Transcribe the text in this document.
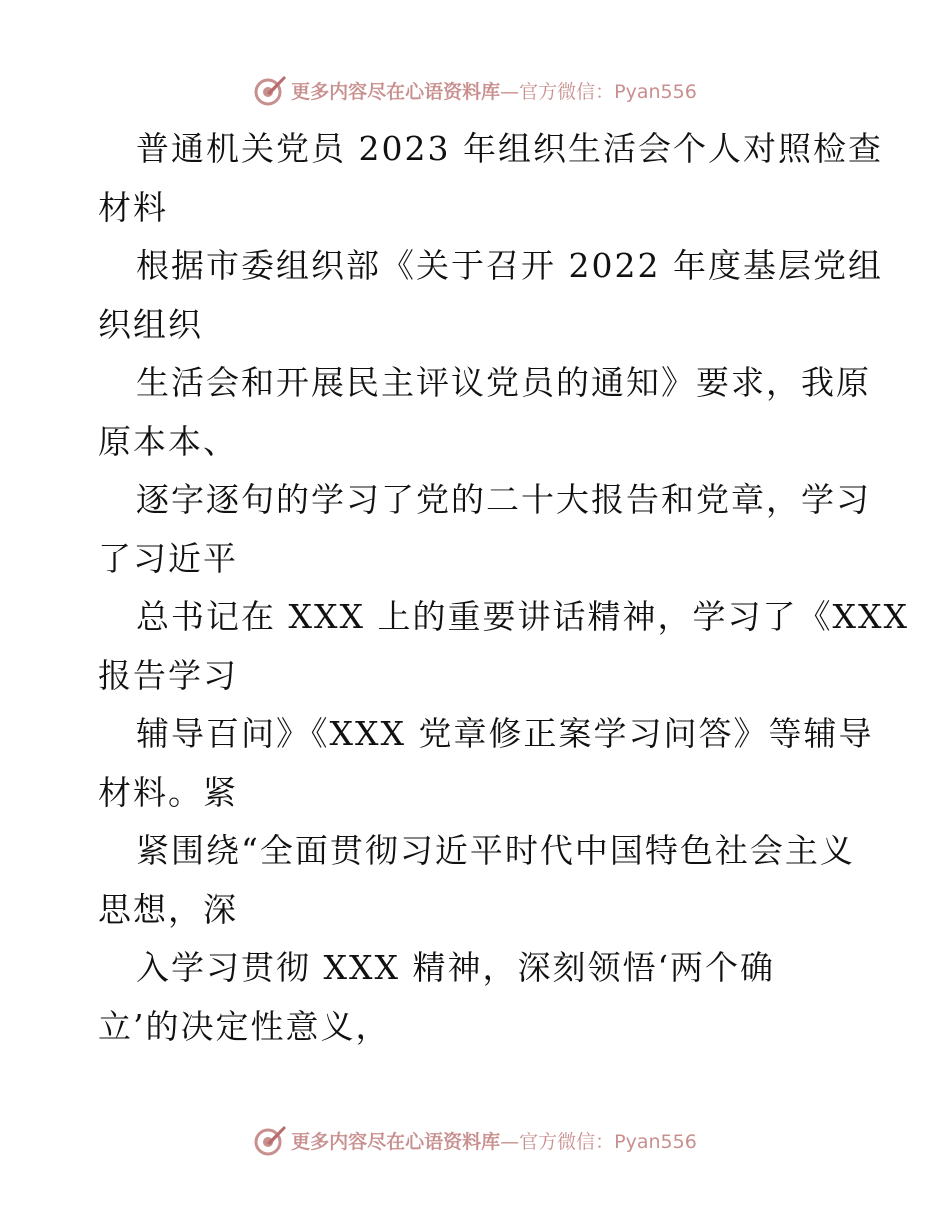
更多内容尽在心语资料库 —官方微信：Pyan556
普通机关党员 2023 年组织生活会个人对照检查
材料
根据市委组织部《关于召开 2022 年度基层党组
织组织
生活会和开展民主评议党员的通知》要求，我原
原本本、
逐字逐句的学习了党的二十大报告和党章，学习
了习近平
总书记在 XXX 上的重要讲话精神，学习了《XXX
报告学习
辅导百问》《XXX 党章修正案学习问答》等辅导
材料。紧
紧围绕“全面贯彻习近平时代中国特色社会主义
思想，深
入学习贯彻 XXX 精神，深刻领悟‘两个确
立’的决定性意义，
更多内容尽在心语资料库 —官方微信：Pyan556
